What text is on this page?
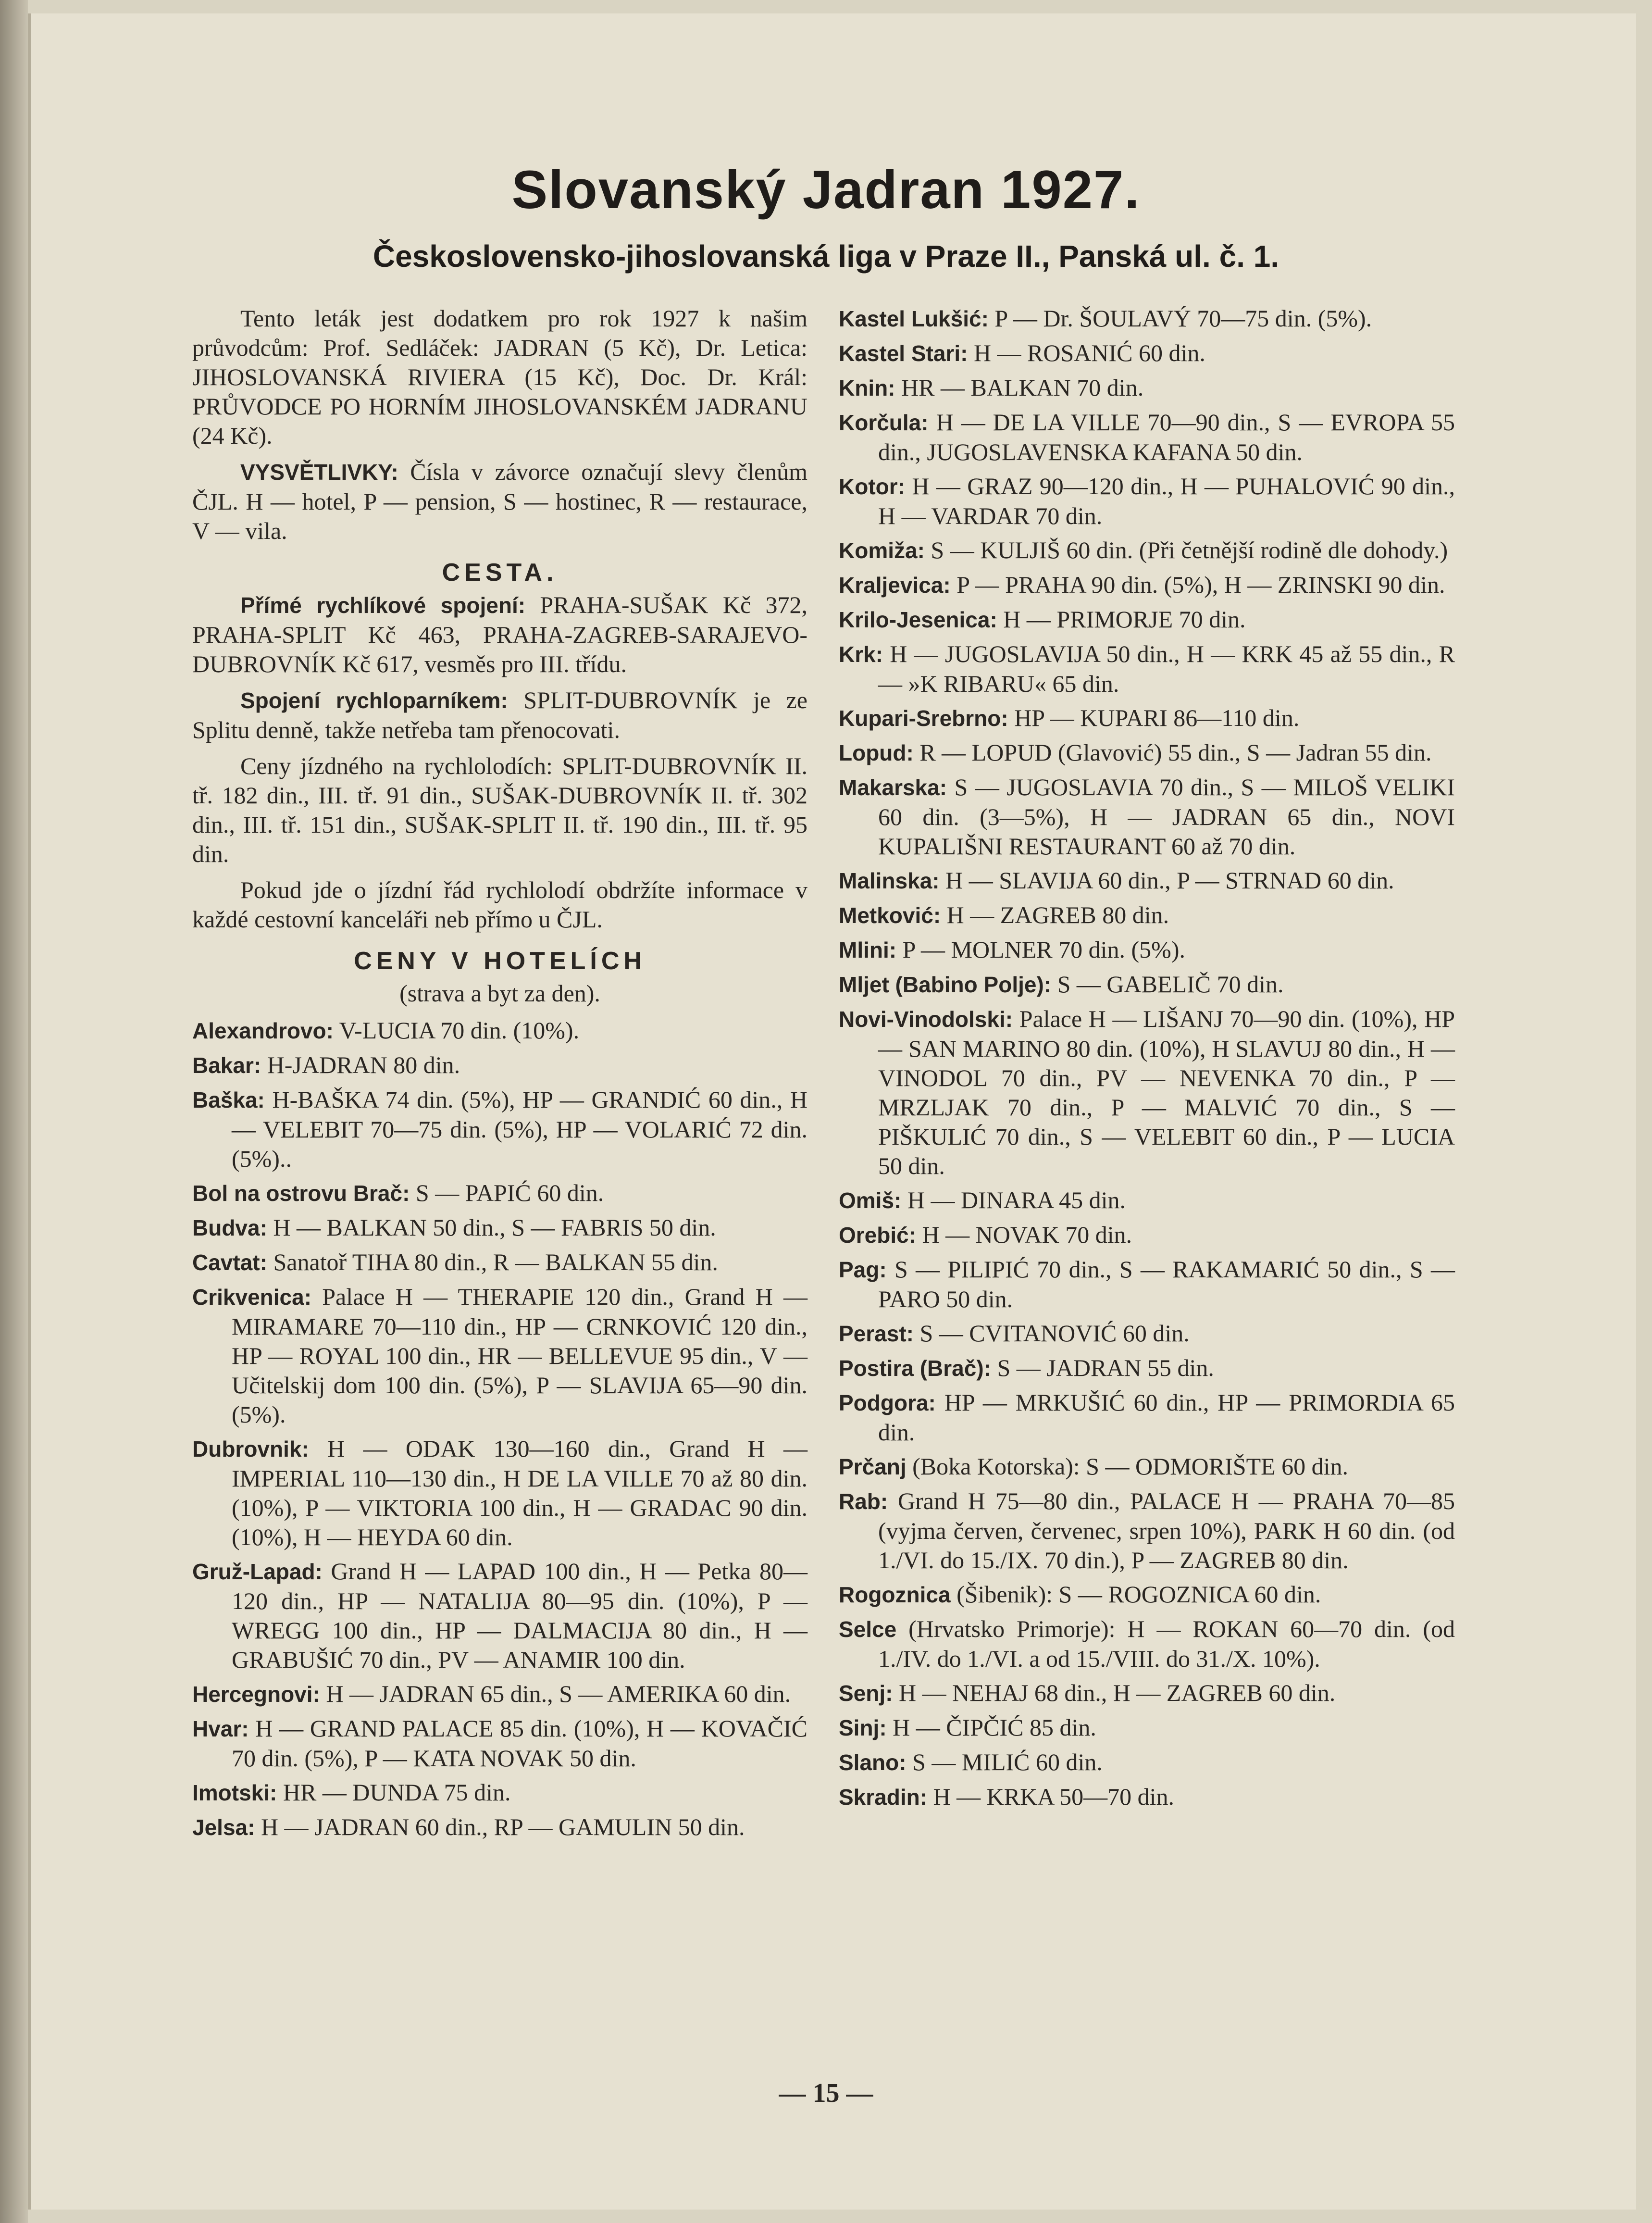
Slovanský Jadran 1927.
Československo-jihoslovanská liga v Praze II., Panská ul. č. 1.

Tento leták jest dodatkem pro rok 1927 k našim průvodcům: Prof. Sedláček: JADRAN (5 Kč), Dr. Letica: JIHOSLOVANSKÁ RIVIERA (15 Kč), Doc. Dr. Král: PRŮVODCE PO HORNÍM JIHOSLOVANSKÉM JADRANU (24 Kč).

VYSVĚTLIVKY: Čísla v závorce označují slevy členům ČJL. H — hotel, P — pension, S — hostinec, R — restaurace, V — vila.

CESTA.

Přímé rychlíkové spojení: PRAHA-SUŠAK Kč 372, PRAHA-SPLIT Kč 463, PRAHA-ZAGREB-SARAJEVO-DUBROVNÍK Kč 617, vesměs pro III. třídu.

Spojení rychloparníkem: SPLIT-DUBROVNÍK je ze Splitu denně, takže netřeba tam přenocovati.

Ceny jízdného na rychlolodích: SPLIT-DUBROVNÍK II. tř. 182 din., III. tř. 91 din., SUŠAK-DUBROVNÍK II. tř. 302 din., III. tř. 151 din., SUŠAK-SPLIT II. tř. 190 din., III. tř. 95 din.

Pokud jde o jízdní řád rychlolodí obdržíte informace v každé cestovní kanceláři neb přímo u ČJL.

CENY V HOTELÍCH
(strava a byt za den).

Alexandrovo: V-LUCIA 70 din. (10%).

Bakar: H-JADRAN 80 din.

Baška: H-BAŠKA 74 din. (5%), HP — GRANDIĆ 60 din., H — VELEBIT 70—75 din. (5%), HP — VOLARIĆ 72 din. (5%)..

Bol na ostrovu Brač: S — PAPIĆ 60 din.

Budva: H — BALKAN 50 din., S — FABRIS 50 din.

Cavtat: Sanatoř TIHA 80 din., R — BALKAN 55 din.

Crikvenica: Palace H — THERAPIE 120 din., Grand H — MIRAMARE 70—110 din., HP — CRNKOVIĆ 120 din., HP — ROYAL 100 din., HR — BELLEVUE 95 din., V — Učitelskij dom 100 din. (5%), P — SLAVIJA 65—90 din. (5%).

Dubrovnik: H — ODAK 130—160 din., Grand H — IMPERIAL 110—130 din., H DE LA VILLE 70 až 80 din. (10%), P — VIKTORIA 100 din., H — GRADAC 90 din. (10%), H — HEYDA 60 din.

Gruž-Lapad: Grand H — LAPAD 100 din., H — Petka 80—120 din., HP — NATALIJA 80—95 din. (10%), P — WREGG 100 din., HP — DALMACIJA 80 din., H — GRABUŠIĆ 70 din., PV — ANAMIR 100 din.

Hercegnovi: H — JADRAN 65 din., S — AMERIKA 60 din.

Hvar: H — GRAND PALACE 85 din. (10%), H — KOVAČIĆ 70 din. (5%), P — KATA NOVAK 50 din.

Imotski: HR — DUNDA 75 din.

Jelsa: H — JADRAN 60 din., RP — GAMULIN 50 din.

Kastel Lukšić: P — Dr. ŠOULAVÝ 70—75 din. (5%).

Kastel Stari: H — ROSANIĆ 60 din.

Knin: HR — BALKAN 70 din.

Korčula: H — DE LA VILLE 70—90 din., S — EVROPA 55 din., JUGOSLAVENSKA KAFANA 50 din.

Kotor: H — GRAZ 90—120 din., H — PUHALOVIĆ 90 din., H — VARDAR 70 din.

Komiža: S — KULJIŠ 60 din. (Při četnější rodině dle dohody.)

Kraljevica: P — PRAHA 90 din. (5%), H — ZRINSKI 90 din.

Krilo-Jesenica: H — PRIMORJE 70 din.

Krk: H — JUGOSLAVIJA 50 din., H — KRK 45 až 55 din., R — »K RIBARU« 65 din.

Kupari-Srebrno: HP — KUPARI 86—110 din.

Lopud: R — LOPUD (Glavović) 55 din., S — Jadran 55 din.

Makarska: S — JUGOSLAVIA 70 din., S — MILOŠ VELIKI 60 din. (3—5%), H — JADRAN 65 din., NOVI KUPALIŠNI RESTAURANT 60 až 70 din.

Malinska: H — SLAVIJA 60 din., P — STRNAD 60 din.

Metković: H — ZAGREB 80 din.

Mlini: P — MOLNER 70 din. (5%).

Mljet (Babino Polje): S — GABELIČ 70 din.

Novi-Vinodolski: Palace H — LIŠANJ 70—90 din. (10%), HP — SAN MARINO 80 din. (10%), H SLAVUJ 80 din., H — VINODOL 70 din., PV — NEVENKA 70 din., P — MRZLJAK 70 din., P — MALVIĆ 70 din., S — PIŠKULIĆ 70 din., S — VELEBIT 60 din., P — LUCIA 50 din.

Omiš: H — DINARA 45 din.

Orebić: H — NOVAK 70 din.

Pag: S — PILIPIĆ 70 din., S — RAKAMARIĆ 50 din., S — PARO 50 din.

Perast: S — CVITANOVIĆ 60 din.

Postira (Brač): S — JADRAN 55 din.

Podgora: HP — MRKUŠIĆ 60 din., HP — PRIMORDIA 65 din.

Prčanj (Boka Kotorska): S — ODMORIŠTE 60 din.

Rab: Grand H 75—80 din., PALACE H — PRAHA 70—85 (vyjma červen, červenec, srpen 10%), PARK H 60 din. (od 1./VI. do 15./IX. 70 din.), P — ZAGREB 80 din.

Rogoznica (Šibenik): S — ROGOZNICA 60 din.

Selce (Hrvatsko Primorje): H — ROKAN 60—70 din. (od 1./IV. do 1./VI. a od 15./VIII. do 31./X. 10%).

Senj: H — NEHAJ 68 din., H — ZAGREB 60 din.

Sinj: H — ČIPČIĆ 85 din.

Slano: S — MILIĆ 60 din.

Skradin: H — KRKA 50—70 din.

— 15 —
